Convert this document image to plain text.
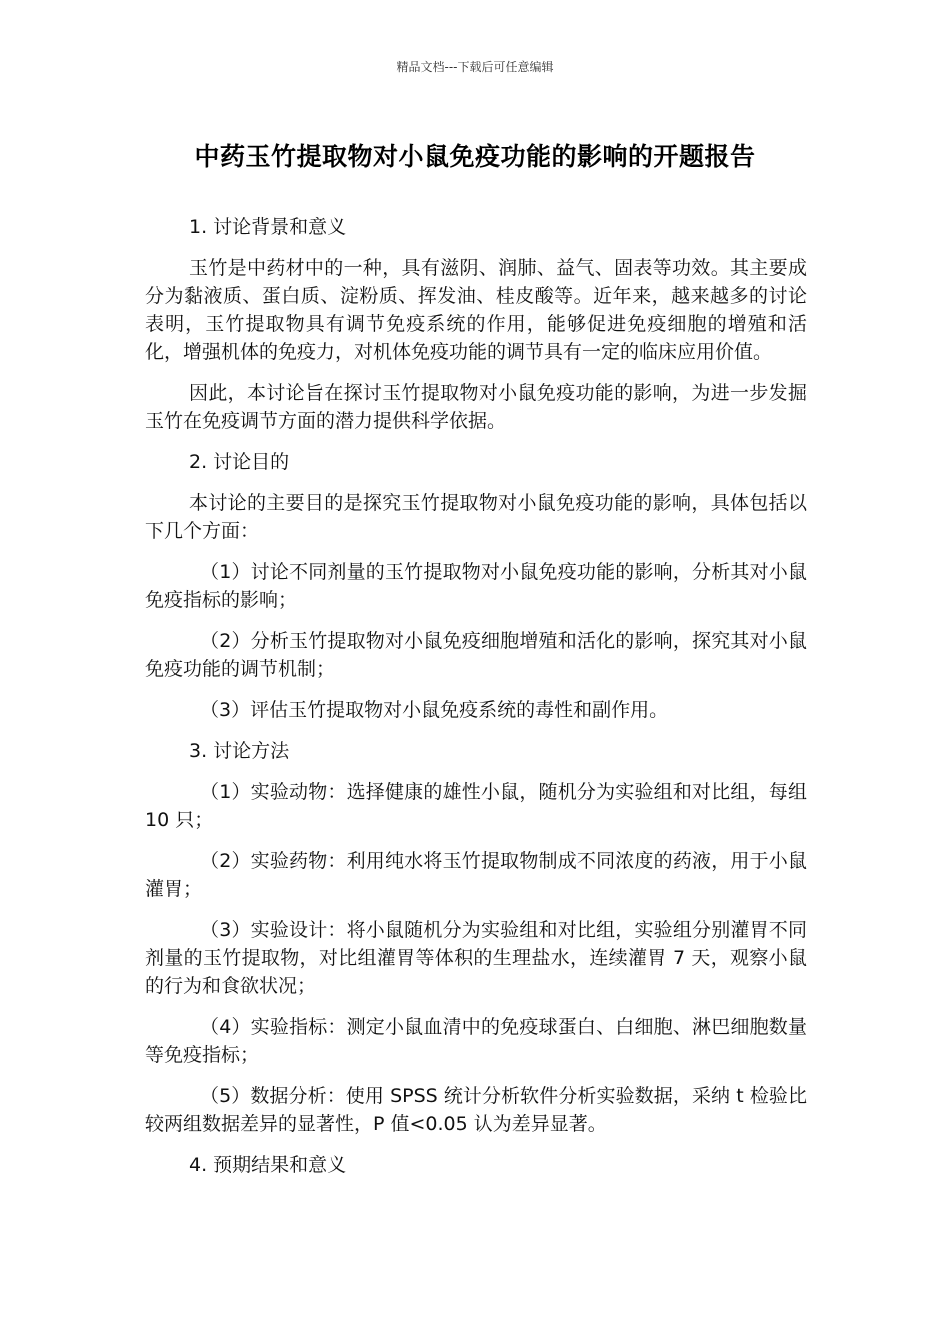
精品文档---下载后可任意编辑
中药玉竹提取物对小鼠免疫功能的影响的开题报告

1. 讨论背景和意义

玉竹是中药材中的一种，具有滋阴、润肺、益气、固表等功效。其主要成分为黏液质、蛋白质、淀粉质、挥发油、桂皮酸等。近年来，越来越多的讨论表明，玉竹提取物具有调节免疫系统的作用，能够促进免疫细胞的增殖和活化，增强机体的免疫力，对机体免疫功能的调节具有一定的临床应用价值。

因此，本讨论旨在探讨玉竹提取物对小鼠免疫功能的影响，为进一步发掘玉竹在免疫调节方面的潜力提供科学依据。

2. 讨论目的

本讨论的主要目的是探究玉竹提取物对小鼠免疫功能的影响，具体包括以下几个方面：

（1）讨论不同剂量的玉竹提取物对小鼠免疫功能的影响，分析其对小鼠免疫指标的影响；

（2）分析玉竹提取物对小鼠免疫细胞增殖和活化的影响，探究其对小鼠免疫功能的调节机制；

（3）评估玉竹提取物对小鼠免疫系统的毒性和副作用。

3. 讨论方法

（1）实验动物：选择健康的雄性小鼠，随机分为实验组和对比组，每组 10 只；

（2）实验药物：利用纯水将玉竹提取物制成不同浓度的药液，用于小鼠灌胃；

（3）实验设计：将小鼠随机分为实验组和对比组，实验组分别灌胃不同剂量的玉竹提取物，对比组灌胃等体积的生理盐水，连续灌胃 7 天，观察小鼠的行为和食欲状况；

（4）实验指标：测定小鼠血清中的免疫球蛋白、白细胞、淋巴细胞数量等免疫指标；

（5）数据分析：使用 SPSS 统计分析软件分析实验数据，采纳 t 检验比较两组数据差异的显著性，P 值<0.05 认为差异显著。

4. 预期结果和意义
